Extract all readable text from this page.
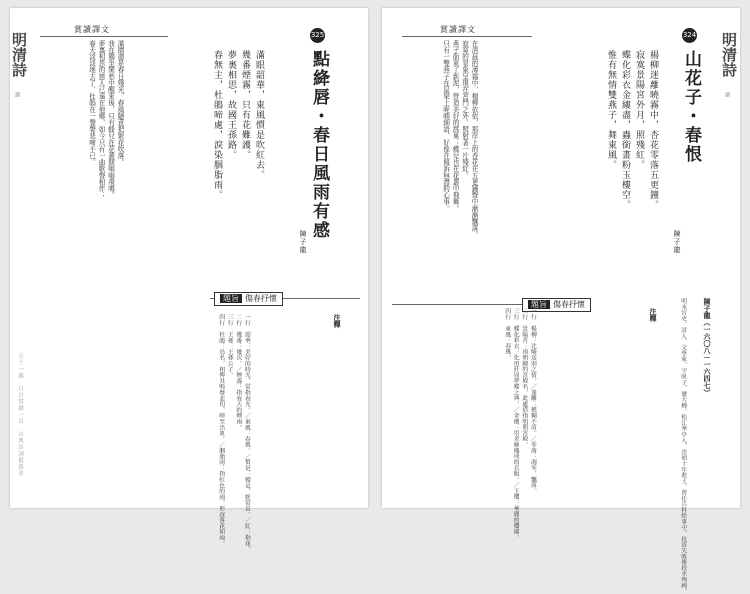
明清詩
讀
五十一處　日日賞讀一首　古典詩詞抵萬金
賞讀譯文
滿園盡是春日殘光，春風隨意把繁花吹落。
我在獨坐閑愁中醒來後，只有蜂兒在花叢間嗡嗡飛鳴。
夢裏相思的戀人已遠在他鄉，如今只有一曲歌聲相伴；
春天淡淡地去了，杜鵑在一聲聲悲啼不已。
325
點絳唇・春日風雨有感
陳子龍
滿眼韶華，東風慣是吹紅去。
幾番煙霧，只有花難護。
夢裏相思，故國王孫路。
春無主，杜鵑啼處，淚染胭脂雨。
題旨 傷春抒懷
注釋
一行　韶華：美好的時光，常指春光。／東風：春風。／慣是：總是，經常是。／紅：指花。
二行　幾番：幾次。／煙霧：指春天的煙雨。
三行　王孫：王孫公子。
四行　杜鵑：鳥名，相傳其鳴聲悲切，啼至出血。／胭脂雨：指紅色的雨，形容落花如雨。
明清詩
讀
賞讀譯文
在清晨的薄霧中，楊柳依依，那岸上的杏花在五更鐘聲中漸漸飄落。
寂寞的景象呈現在宮門之外，照射著一片殘紅。
燕子銜來了新泥，營造美好的窩巢；蝶兒也在花叢中飛舞。
只有一雙燕子在屋梁上呢喃細語，好像在傾訴無盡的心事。
324
山花子・春恨
陳子龍
楊柳迷離曉霧中，杏花零落五更鐘。
寂寞景陽宮外月，照殘紅。
蝶化彩衣金縷盡，蟲銜畫粉玉樓空。
惟有無情雙燕子，舞東風。
陳子龍（一六〇八－一六四七）
明末官吏、詩人、文學家，字臥子，號大樽，松江華亭人，崇禎十年進士，曾任兵科給事中，抗清失敗後投水殉國。
題旨 傷春抒懷
注釋
一行　楊柳：比喻送別之情。／迷離：模糊不清。／零落：凋零，飄落。
二行　景陽宮：南朝陳的宮殿名，此處借指明朝宮殿。
三行　蝶化彩衣：化用莊周夢蝶之典。／金縷：用金線織成的衣服。／玉樓：華麗的樓閣。
四行　東風：春風。
